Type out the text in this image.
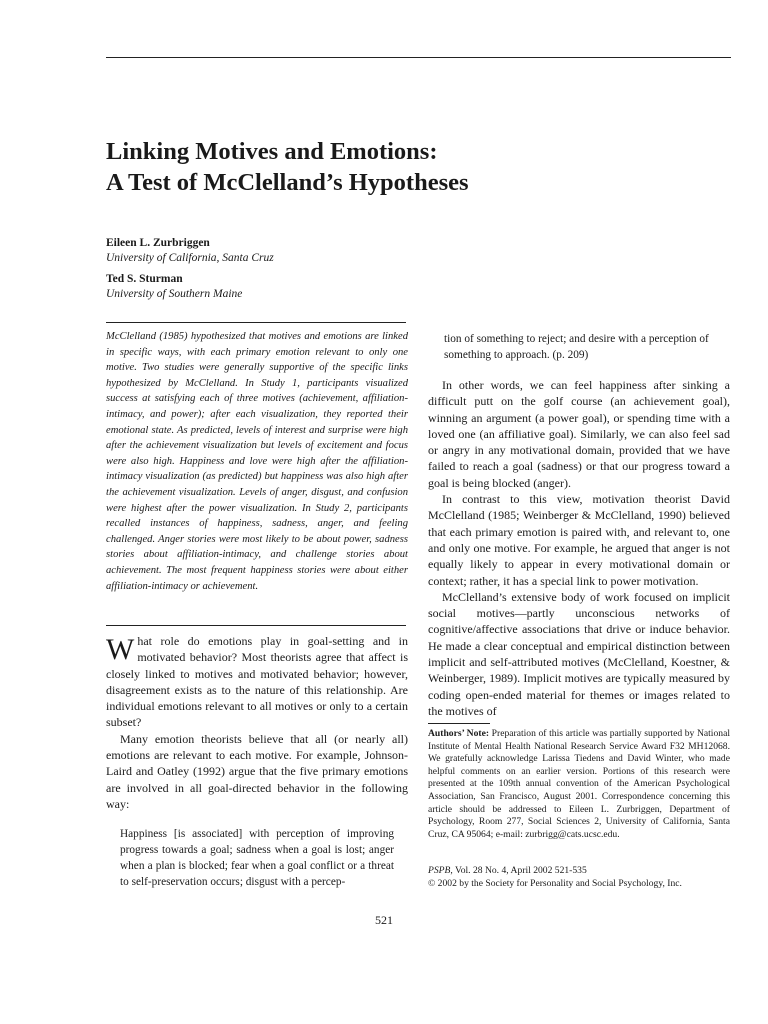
Linking Motives and Emotions:
A Test of McClelland’s Hypotheses
Eileen L. Zurbriggen
University of California, Santa Cruz
Ted S. Sturman
University of Southern Maine

McClelland (1985) hypothesized that motives and emotions are linked in specific ways, with each primary emotion relevant to only one motive. Two studies were generally supportive of the specific links hypothesized by McClelland. In Study 1, participants visualized success at satisfying each of three motives (achievement, affiliation-intimacy, and power); after each visualization, they reported their emotional state. As predicted, levels of interest and surprise were high after the achievement visualization but levels of excitement and focus were also high. Happiness and love were high after the affiliation-intimacy visualization (as predicted) but happiness was also high after the achievement visualization. Levels of anger, disgust, and confusion were highest after the power visualization. In Study 2, participants recalled instances of happiness, sadness, anger, and feeling challenged. Anger stories were most likely to be about power, sadness stories about affiliation-intimacy, and challenge stories about achievement. The most frequent happiness stories were about either affiliation-intimacy or achievement.

What role do emotions play in goal-setting and in motivated behavior? Most theorists agree that affect is closely linked to motives and motivated behavior; however, disagreement exists as to the nature of this relationship. Are individual emotions relevant to all motives or only to a certain subset?

Many emotion theorists believe that all (or nearly all) emotions are relevant to each motive. For example, Johnson-Laird and Oatley (1992) argue that the five primary emotions are involved in all goal-directed behavior in the following way:

Happiness [is associated] with perception of improving progress towards a goal; sadness when a goal is lost; anger when a plan is blocked; fear when a goal conflict or a threat to self-preservation occurs; disgust with a percep-

tion of something to reject; and desire with a perception of something to approach. (p. 209)

In other words, we can feel happiness after sinking a difficult putt on the golf course (an achievement goal), winning an argument (a power goal), or spending time with a loved one (an affiliative goal). Similarly, we can also feel sad or angry in any motivational domain, provided that we have failed to reach a goal (sadness) or that our progress toward a goal is being blocked (anger).

In contrast to this view, motivation theorist David McClelland (1985; Weinberger & McClelland, 1990) believed that each primary emotion is paired with, and relevant to, one and only one motive. For example, he argued that anger is not equally likely to appear in every motivational domain or context; rather, it has a special link to power motivation.

McClelland’s extensive body of work focused on implicit social motives—partly unconscious networks of cognitive/affective associations that drive or induce behavior. He made a clear conceptual and empirical distinction between implicit and self-attributed motives (McClelland, Koestner, & Weinberger, 1989). Implicit motives are typically measured by coding open-ended material for themes or images related to the motives of

Authors’ Note: Preparation of this article was partially supported by National Institute of Mental Health National Research Service Award F32 MH12068. We gratefully acknowledge Larissa Tiedens and David Winter, who made helpful comments on an earlier version. Portions of this research were presented at the 109th annual convention of the American Psychological Association, San Francisco, August 2001. Correspondence concerning this article should be addressed to Eileen L. Zurbriggen, Department of Psychology, Room 277, Social Sciences 2, University of California, Santa Cruz, CA 95064; e-mail: zurbrigg@cats.ucsc.edu.

PSPB, Vol. 28 No. 4, April 2002 521-535
© 2002 by the Society for Personality and Social Psychology, Inc.
521
